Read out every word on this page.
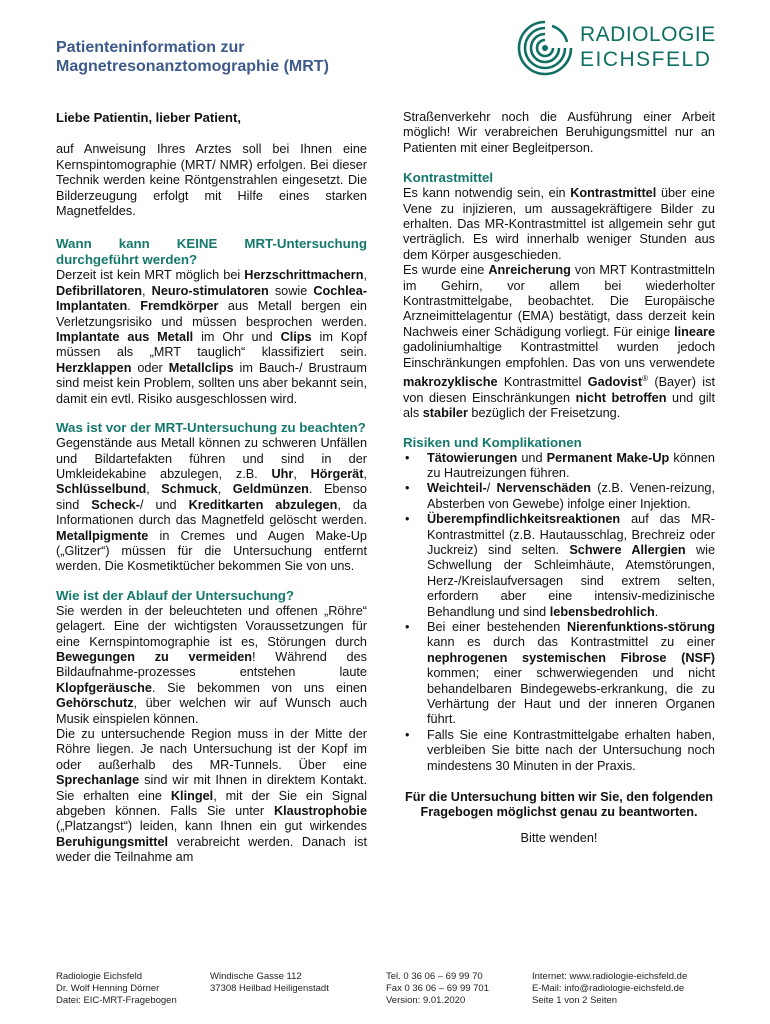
Patienteninformation zur
Magnetresonanztomographie (MRT)
RADIOLOGIE
EICHSFELD

Liebe Patientin, lieber Patient,

auf Anweisung Ihres Arztes soll bei Ihnen eine Kernspintomographie (MRT/ NMR) erfolgen. Bei dieser Technik werden keine Röntgenstrahlen eingesetzt. Die Bilderzeugung erfolgt mit Hilfe eines starken Magnetfeldes.

Wann kann KEINE MRT-Untersuchung durchgeführt werden?

Derzeit ist kein MRT möglich bei Herzschrittmachern, Defibrillatoren, Neuro-stimulatoren sowie Cochlea-Implantaten. Fremdkörper aus Metall bergen ein Verletzungsrisiko und müssen besprochen werden. Implantate aus Metall im Ohr und Clips im Kopf müssen als „MRT tauglich“ klassifiziert sein. Herzklappen oder Metallclips im Bauch-/ Brustraum sind meist kein Problem, sollten uns aber bekannt sein, damit ein evtl. Risiko ausgeschlossen wird.

Was ist vor der MRT-Untersuchung zu beachten?

Gegenstände aus Metall können zu schweren Unfällen und Bildartefakten führen und sind in der Umkleidekabine abzulegen, z.B. Uhr, Hörgerät, Schlüsselbund, Schmuck, Geldmünzen. Ebenso sind Scheck-/ und Kreditkarten abzulegen, da Informationen durch das Magnetfeld gelöscht werden. Metallpigmente in Cremes und Augen Make-Up („Glitzer“) müssen für die Untersuchung entfernt werden. Die Kosmetiktücher bekommen Sie von uns.

Wie ist der Ablauf der Untersuchung?

Sie werden in der beleuchteten und offenen „Röhre“ gelagert. Eine der wichtigsten Voraussetzungen für eine Kernspintomographie ist es, Störungen durch Bewegungen zu vermeiden! Während des Bildaufnahme-prozesses entstehen laute Klopfgeräusche. Sie bekommen von uns einen Gehörschutz, über welchen wir auf Wunsch auch Musik einspielen können.

Die zu untersuchende Region muss in der Mitte der Röhre liegen. Je nach Untersuchung ist der Kopf im oder außerhalb des MR-Tunnels. Über eine Sprechanlage sind wir mit Ihnen in direktem Kontakt. Sie erhalten eine Klingel, mit der Sie ein Signal abgeben können. Falls Sie unter Klaustrophobie („Platzangst“) leiden, kann Ihnen ein gut wirkendes Beruhigungsmittel verabreicht werden. Danach ist weder die Teilnahme am

Straßenverkehr noch die Ausführung einer Arbeit möglich! Wir verabreichen Beruhigungsmittel nur an Patienten mit einer Begleitperson.

Kontrastmittel

Es kann notwendig sein, ein Kontrastmittel über eine Vene zu injizieren, um aussagekräftigere Bilder zu erhalten. Das MR-Kontrastmittel ist allgemein sehr gut verträglich. Es wird innerhalb weniger Stunden aus dem Körper ausgeschieden.

Es wurde eine Anreicherung von MRT Kontrastmitteln im Gehirn, vor allem bei wiederholter Kontrastmittelgabe, beobachtet. Die Europäische Arzneimittelagentur (EMA) bestätigt, dass derzeit kein Nachweis einer Schädigung vorliegt. Für einige lineare gadoliniumhaltige Kontrastmittel wurden jedoch Einschränkungen empfohlen. Das von uns verwendete makrozyklische Kontrastmittel Gadovist® (Bayer) ist von diesen Einschränkungen nicht betroffen und gilt als stabiler bezüglich der Freisetzung.

Risiken und Komplikationen
• Tätowierungen und Permanent Make-Up können zu Hautreizungen führen.
• Weichteil-/ Nervenschäden (z.B. Venen-reizung, Absterben von Gewebe) infolge einer Injektion.
• Überempfindlichkeitsreaktionen auf das MR-Kontrastmittel (z.B. Hautausschlag, Brechreiz oder Juckreiz) sind selten. Schwere Allergien wie Schwellung der Schleimhäute, Atemstörungen, Herz-/Kreislaufversagen sind extrem selten, erfordern aber eine intensiv-medizinische Behandlung und sind lebensbedrohlich.
• Bei einer bestehenden Nierenfunktions-störung kann es durch das Kontrastmittel zu einer nephrogenen systemischen Fibrose (NSF) kommen; einer schwerwiegenden und nicht behandelbaren Bindegewebs-erkrankung, die zu Verhärtung der Haut und der inneren Organen führt.
• Falls Sie eine Kontrastmittelgabe erhalten haben, verbleiben Sie bitte nach der Untersuchung noch mindestens 30 Minuten in der Praxis.

Für die Untersuchung bitten wir Sie, den folgenden Fragebogen möglichst genau zu beantworten.

Bitte wenden!

Radiologie Eichsfeld
Dr. Wolf Henning Dörner
Datei: EIC-MRT-Fragebogen
Windische Gasse 112
37308 Heilbad Heiligenstadt
Tel. 0 36 06 – 69 99 70
Fax 0 36 06 – 69 99 701
Version: 9.01.2020
Internet: www.radiologie-eichsfeld.de
E-Mail: info@radiologie-eichsfeld.de
Seite 1 von 2 Seiten
